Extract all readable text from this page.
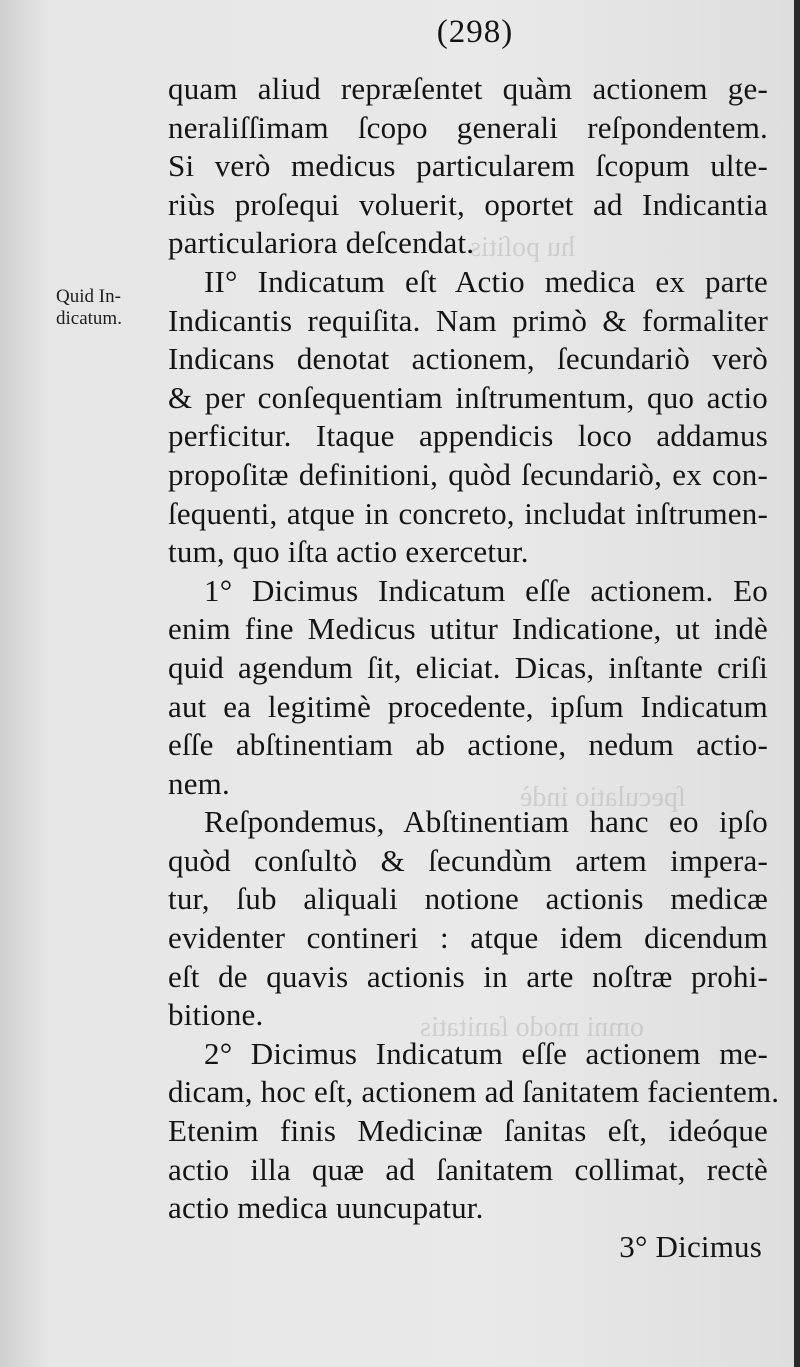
hu poſitis
ſpeculatio indè
omni modo ſanitatis
(298)
Quid In-
dicatum.
quam aliud repræſentet quàm actionem ge-
neraliſſimam ſcopo generali reſpondentem.
Si verò medicus particularem ſcopum ulte-
riùs proſequi voluerit, oportet ad Indicantia
particulariora deſcendat.
II° Indicatum eſt Actio medica ex parte
Indicantis requiſita. Nam primò & formaliter
Indicans denotat actionem, ſecundariò verò
& per conſequentiam inſtrumentum, quo actio
perficitur. Itaque appendicis loco addamus
propoſitæ definitioni, quòd ſecundariò, ex con-
ſequenti, atque in concreto, includat inſtrumen-
tum, quo iſta actio exercetur.
1° Dicimus Indicatum eſſe actionem. Eo
enim fine Medicus utitur Indicatione, ut indè
quid agendum ſit, eliciat. Dicas, inſtante criſi
aut ea legitimè procedente, ipſum Indicatum
eſſe abſtinentiam ab actione, nedum actio-
nem.
Reſpondemus, Abſtinentiam hanc eo ipſo
quòd conſultò & ſecundùm artem impera-
tur, ſub aliquali notione actionis medicæ
evidenter contineri : atque idem dicendum
eſt de quavis actionis in arte noſtræ prohi-
bitione.
2° Dicimus Indicatum eſſe actionem me-
dicam, hoc eſt, actionem ad ſanitatem facientem.
Etenim finis Medicinæ ſanitas eſt, ideóque
actio illa quæ ad ſanitatem collimat, rectè
actio medica uuncupatur.
3° Dicimus
